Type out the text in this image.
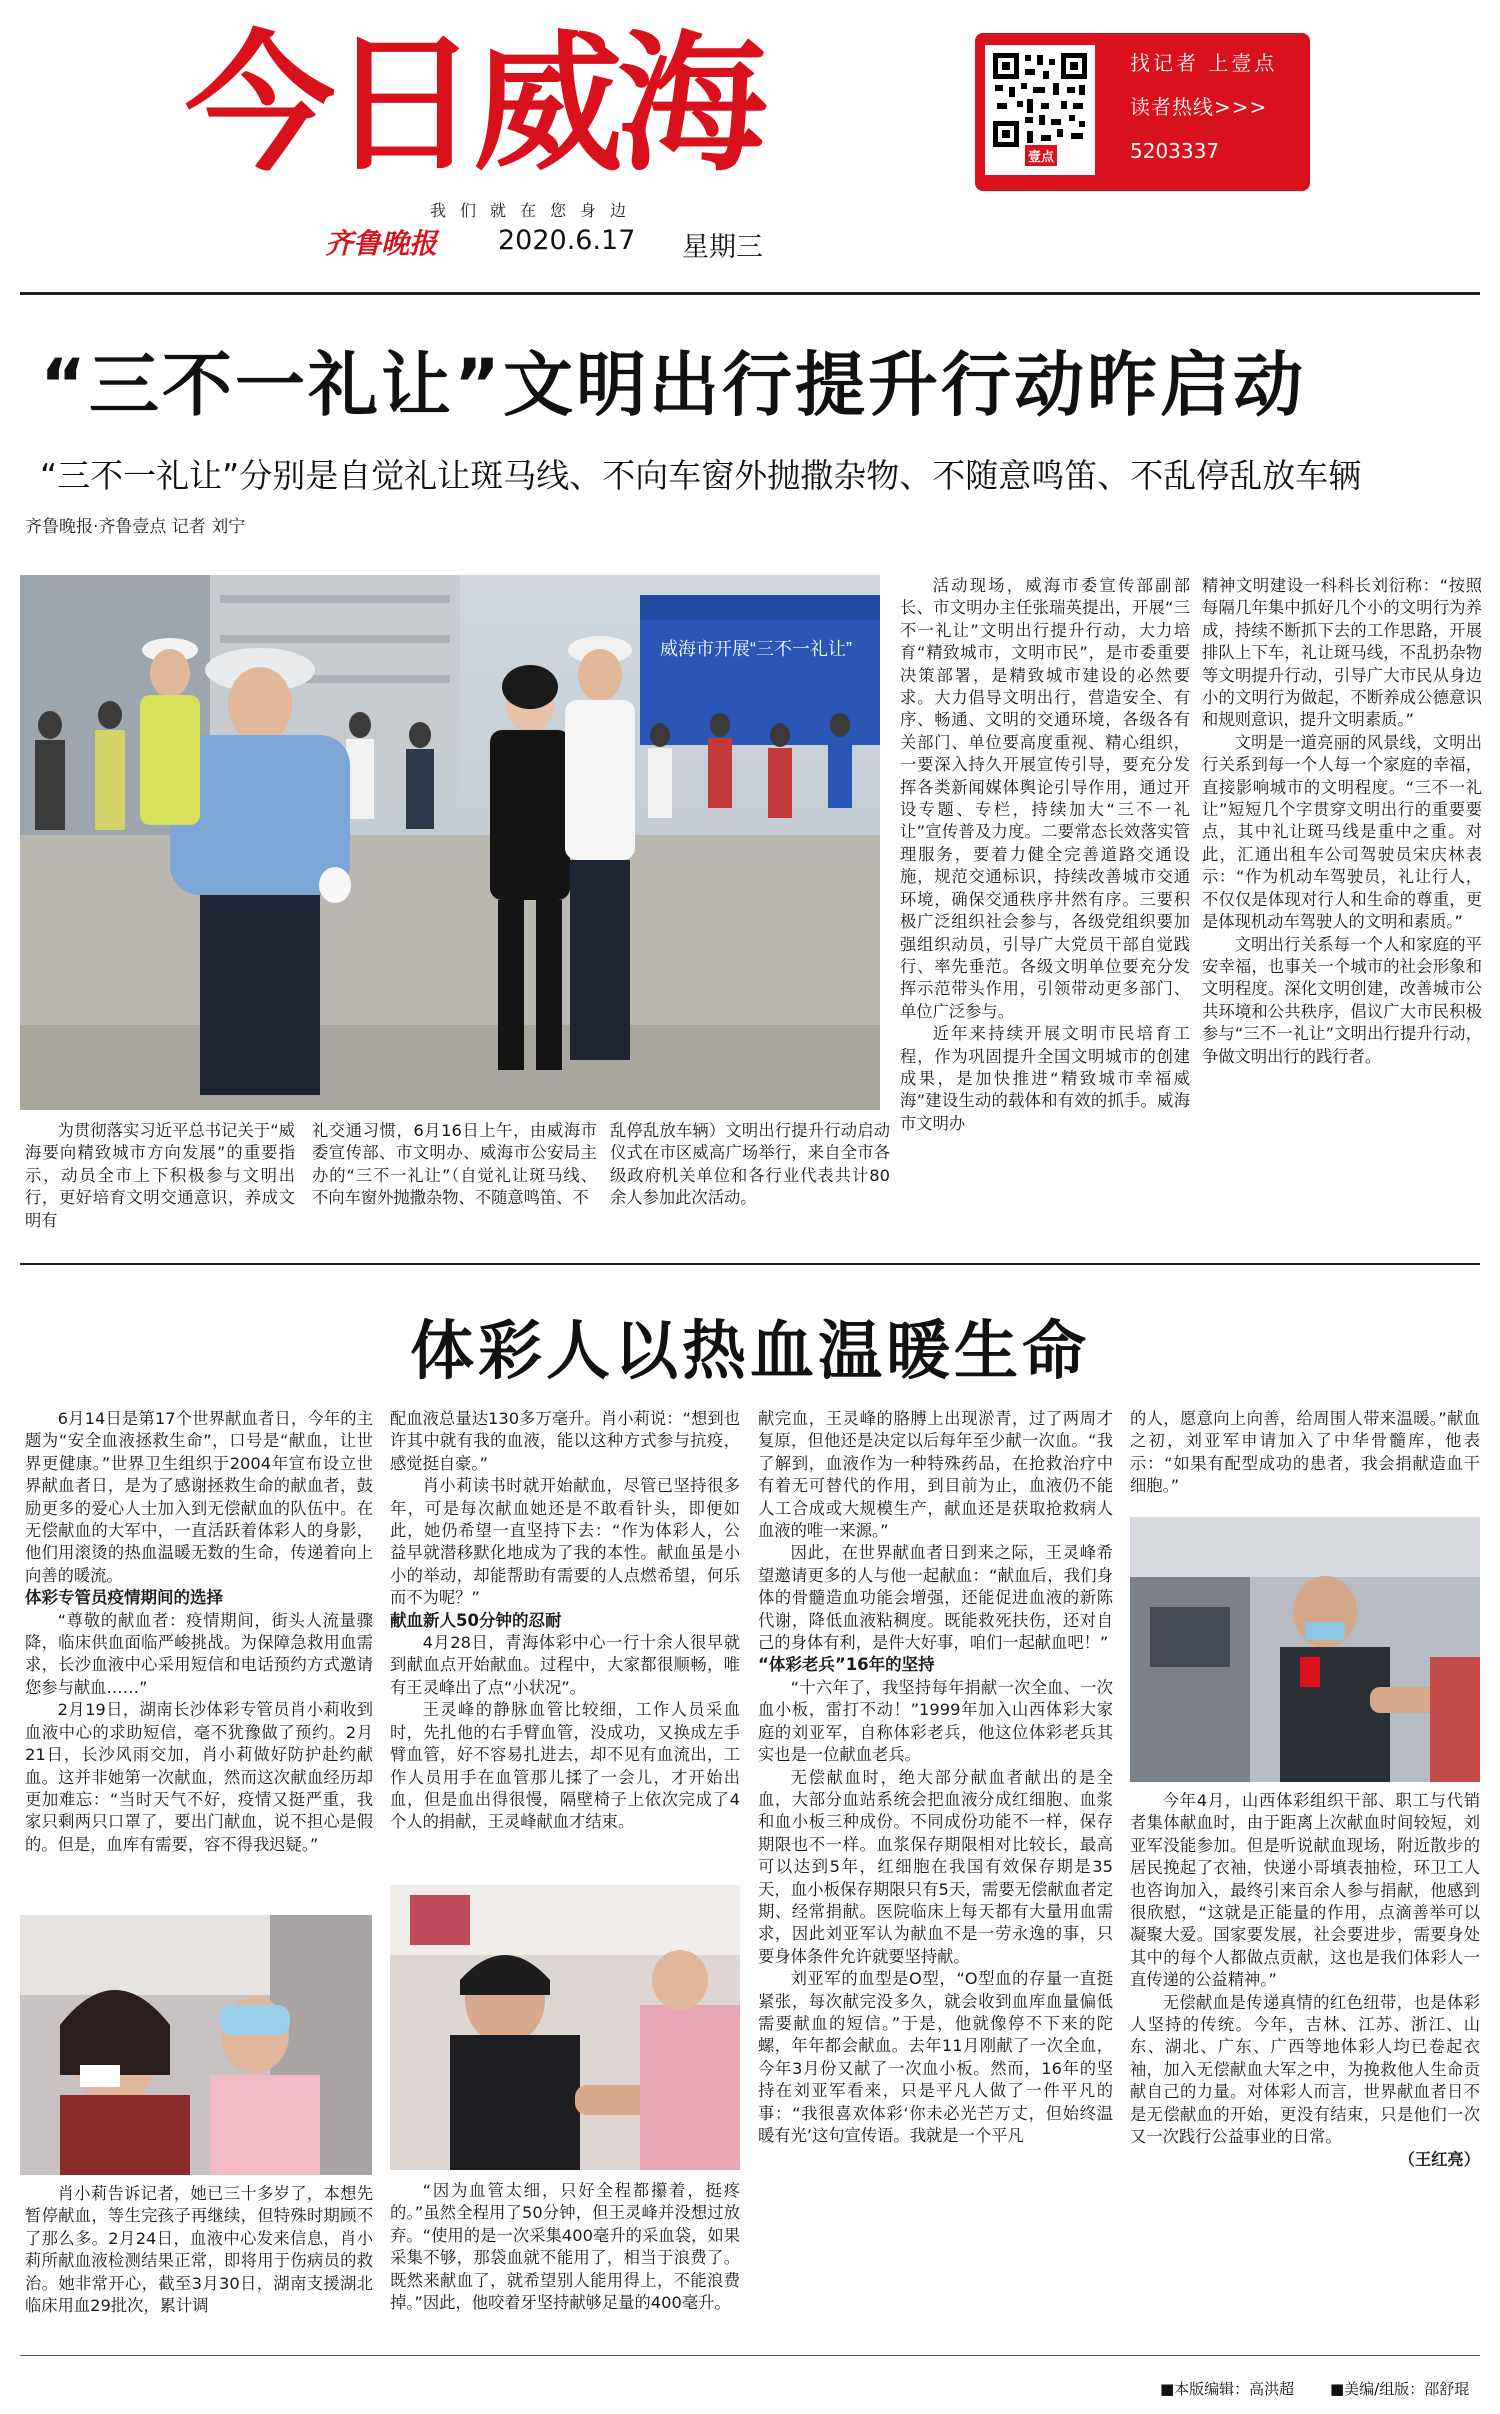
今日威海
我们就在您身边
齐鲁晚报 2020.6.17 星期三
壹点
找记者 上壹点
读者热线>>>
5203337
“三不一礼让”文明出行提升行动昨启动
“三不一礼让”分别是自觉礼让斑马线、不向车窗外抛撒杂物、不随意鸣笛、不乱停乱放车辆
齐鲁晚报·齐鲁壹点 记者 刘宁
威海市开展“三不一礼让”

为贯彻落实习近平总书记关于“威海要向精致城市方向发展”的重要指示，动员全市上下积极参与文明出行，更好培育文明交通意识，养成文明有

礼交通习惯，6月16日上午，由威海市委宣传部、市文明办、威海市公安局主办的“三不一礼让”（自觉礼让斑马线、不向车窗外抛撒杂物、不随意鸣笛、不

乱停乱放车辆）文明出行提升行动启动仪式在市区威高广场举行，来自全市各级政府机关单位和各行业代表共计80余人参加此次活动。

活动现场，威海市委宣传部副部长、市文明办主任张瑞英提出，开展“三不一礼让”文明出行提升行动，大力培育“精致城市，文明市民”，是市委重要决策部署，是精致城市建设的必然要求。大力倡导文明出行，营造安全、有序、畅通、文明的交通环境，各级各有关部门、单位要高度重视、精心组织，一要深入持久开展宣传引导，要充分发挥各类新闻媒体舆论引导作用，通过开设专题、专栏，持续加大“三不一礼让”宣传普及力度。二要常态长效落实管理服务，要着力健全完善道路交通设施，规范交通标识，持续改善城市交通环境，确保交通秩序井然有序。三要积极广泛组织社会参与，各级党组织要加强组织动员，引导广大党员干部自觉践行、率先垂范。各级文明单位要充分发挥示范带头作用，引领带动更多部门、单位广泛参与。

近年来持续开展文明市民培育工程，作为巩固提升全国文明城市的创建成果，是加快推进“精致城市幸福威海”建设生动的载体和有效的抓手。威海市文明办

精神文明建设一科科长刘衍称：“按照每隔几年集中抓好几个小的文明行为养成，持续不断抓下去的工作思路，开展排队上下车，礼让斑马线，不乱扔杂物等文明提升行动，引导广大市民从身边小的文明行为做起，不断养成公德意识和规则意识，提升文明素质。”

文明是一道亮丽的风景线，文明出行关系到每一个人每一个家庭的幸福，直接影响城市的文明程度。“三不一礼让”短短几个字贯穿文明出行的重要要点，其中礼让斑马线是重中之重。对此，汇通出租车公司驾驶员宋庆林表示：“作为机动车驾驶员，礼让行人，不仅仅是体现对行人和生命的尊重，更是体现机动车驾驶人的文明和素质。”

文明出行关系每一个人和家庭的平安幸福，也事关一个城市的社会形象和文明程度。深化文明创建，改善城市公共环境和公共秩序，倡议广大市民积极参与“三不一礼让”文明出行提升行动，争做文明出行的践行者。

体彩人以热血温暖生命

6月14日是第17个世界献血者日，今年的主题为“安全血液拯救生命”，口号是“献血，让世界更健康。”世界卫生组织于2004年宣布设立世界献血者日，是为了感谢拯救生命的献血者，鼓励更多的爱心人士加入到无偿献血的队伍中。在无偿献血的大军中，一直活跃着体彩人的身影，他们用滚烫的热血温暖无数的生命，传递着向上向善的暖流。

体彩专管员疫情期间的选择

“尊敬的献血者：疫情期间，街头人流量骤降，临床供血面临严峻挑战。为保障急救用血需求，长沙血液中心采用短信和电话预约方式邀请您参与献血……”

2月19日，湖南长沙体彩专管员肖小莉收到血液中心的求助短信，毫不犹豫做了预约。2月21日，长沙风雨交加，肖小莉做好防护赴约献血。这并非她第一次献血，然而这次献血经历却更加难忘：“当时天气不好，疫情又挺严重，我家只剩两只口罩了，要出门献血，说不担心是假的。但是，血库有需要，容不得我迟疑。”

肖小莉告诉记者，她已三十多岁了，本想先暂停献血，等生完孩子再继续，但特殊时期顾不了那么多。2月24日，血液中心发来信息，肖小莉所献血液检测结果正常，即将用于伤病员的救治。她非常开心，截至3月30日，湖南支援湖北临床用血29批次，累计调

配血液总量达130多万毫升。肖小莉说：“想到也许其中就有我的血液，能以这种方式参与抗疫，感觉挺自豪。”

肖小莉读书时就开始献血，尽管已坚持很多年，可是每次献血她还是不敢看针头，即便如此，她仍希望一直坚持下去：“作为体彩人，公益早就潜移默化地成为了我的本性。献血虽是小小的举动，却能帮助有需要的人点燃希望，何乐而不为呢？”

献血新人50分钟的忍耐

4月28日，青海体彩中心一行十余人很早就到献血点开始献血。过程中，大家都很顺畅，唯有王灵峰出了点“小状况”。

王灵峰的静脉血管比较细，工作人员采血时，先扎他的右手臂血管，没成功，又换成左手臂血管，好不容易扎进去，却不见有血流出，工作人员用手在血管那儿揉了一会儿，才开始出血，但是血出得很慢，隔壁椅子上依次完成了4个人的捐献，王灵峰献血才结束。

“因为血管太细，只好全程都攥着，挺疼的。”虽然全程用了50分钟，但王灵峰并没想过放弃。“使用的是一次采集400毫升的采血袋，如果采集不够，那袋血就不能用了，相当于浪费了。既然来献血了，就希望别人能用得上，不能浪费掉。”因此，他咬着牙坚持献够足量的400毫升。

献完血，王灵峰的胳膊上出现淤青，过了两周才复原，但他还是决定以后每年至少献一次血。“我了解到，血液作为一种特殊药品，在抢救治疗中有着无可替代的作用，到目前为止，血液仍不能人工合成或大规模生产，献血还是获取抢救病人血液的唯一来源。”

因此，在世界献血者日到来之际，王灵峰希望邀请更多的人与他一起献血：“献血后，我们身体的骨髓造血功能会增强，还能促进血液的新陈代谢，降低血液粘稠度。既能救死扶伤，还对自己的身体有利，是件大好事，咱们一起献血吧！”

“体彩老兵”16年的坚持

“十六年了，我坚持每年捐献一次全血、一次血小板，雷打不动！”1999年加入山西体彩大家庭的刘亚军，自称体彩老兵，他这位体彩老兵其实也是一位献血老兵。

无偿献血时，绝大部分献血者献出的是全血，大部分血站系统会把血液分成红细胞、血浆和血小板三种成份。不同成份功能不一样，保存期限也不一样。血浆保存期限相对比较长，最高可以达到5年，红细胞在我国有效保存期是35天，血小板保存期限只有5天，需要无偿献血者定期、经常捐献。医院临床上每天都有大量用血需求，因此刘亚军认为献血不是一劳永逸的事，只要身体条件允许就要坚持献。

刘亚军的血型是O型，“O型血的存量一直挺紧张，每次献完没多久，就会收到血库血量偏低需要献血的短信。”于是，他就像停不下来的陀螺，年年都会献血。去年11月刚献了一次全血，今年3月份又献了一次血小板。然而，16年的坚持在刘亚军看来，只是平凡人做了一件平凡的事：“我很喜欢体彩‘你未必光芒万丈，但始终温暖有光’这句宣传语。我就是一个平凡

的人，愿意向上向善，给周围人带来温暖。”献血之初，刘亚军申请加入了中华骨髓库，他表示：“如果有配型成功的患者，我会捐献造血干细胞。”

今年4月，山西体彩组织干部、职工与代销者集体献血时，由于距离上次献血时间较短，刘亚军没能参加。但是听说献血现场，附近散步的居民挽起了衣袖，快递小哥填表抽检，环卫工人也咨询加入，最终引来百余人参与捐献，他感到很欣慰，“这就是正能量的作用，点滴善举可以凝聚大爱。国家要发展，社会要进步，需要身处其中的每个人都做点贡献，这也是我们体彩人一直传递的公益精神。”

无偿献血是传递真情的红色纽带，也是体彩人坚持的传统。今年，吉林、江苏、浙江、山东、湖北、广东、广西等地体彩人均已卷起衣袖，加入无偿献血大军之中，为挽救他人生命贡献自己的力量。对体彩人而言，世界献血者日不是无偿献血的开始，更没有结束，只是他们一次又一次践行公益事业的日常。

（王红亮）

■本版编辑：高洪超 ■美编/组版：邵舒琨
